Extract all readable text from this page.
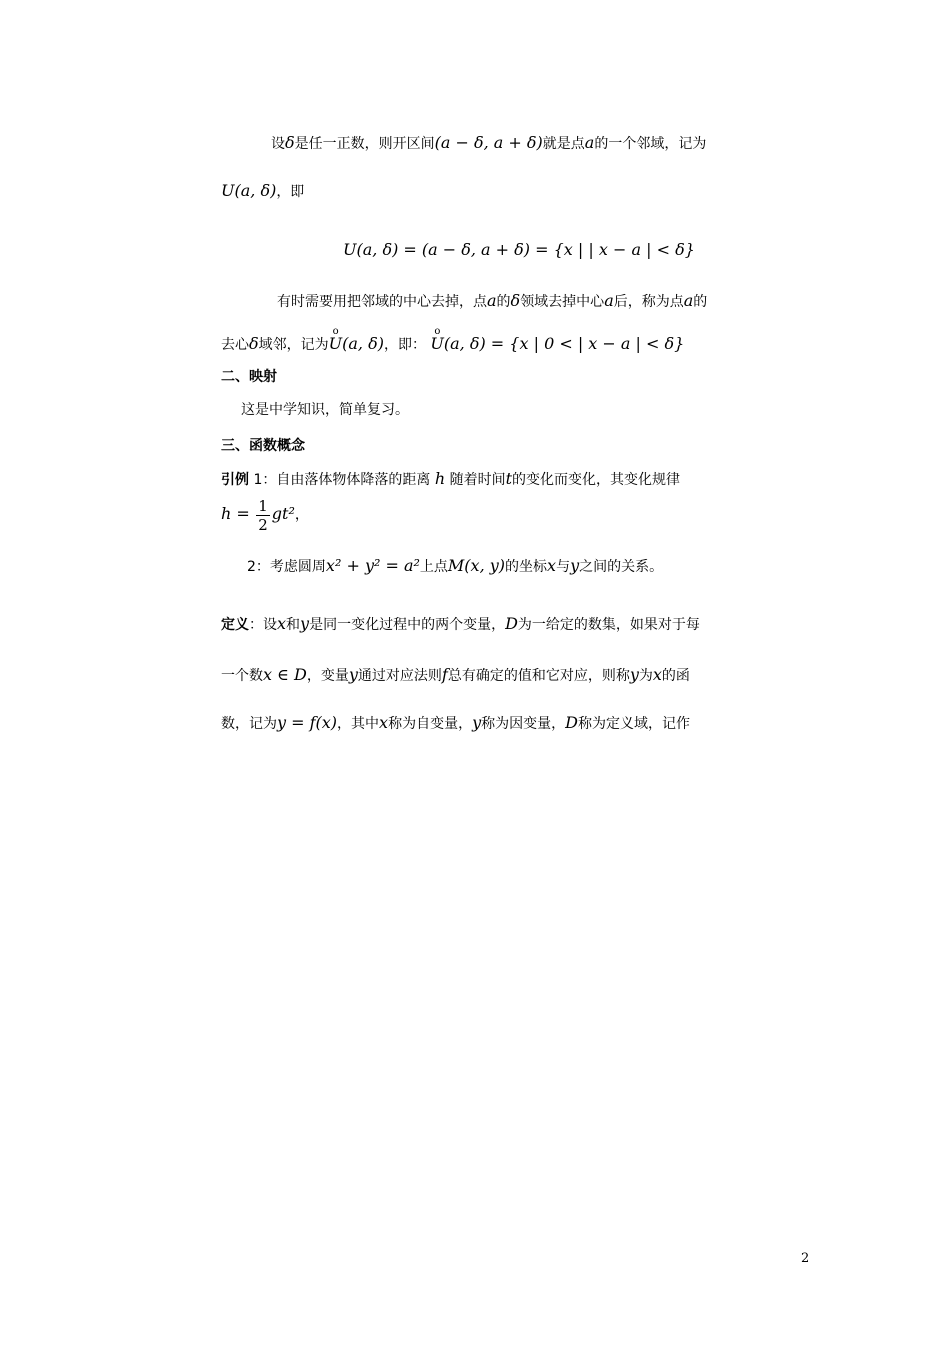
设δ是任一正数，则开区间(a − δ, a + δ)就是点a的一个邻域，记为
U(a, δ)，即
U(a, δ) = (a − δ, a + δ) = {x | | x − a | < δ}
有时需要用把邻域的中心去掉，点a的δ领域去掉中心a后，称为点a的
去心δ域邻，记为o U(a, δ)，即： o U(a, δ) = {x | 0 < | x − a | < δ}
二、映射
这是中学知识，简单复习。
三、函数概念
引例 1：自由落体物体降落的距离 h 随着时间t的变化而变化，其变化规律
$h = \frac{1}{2} gt^2$，
2：考虑圆周x² + y² = a²上点M(x, y)的坐标x与y之间的关系。
定义：设x和y是同一变化过程中的两个变量，D为一给定的数集，如果对于每
一个数x ∈ D，变量y通过对应法则f总有确定的值和它对应，则称y为x的函
数，记为y = f(x)，其中x称为自变量，y称为因变量，D称为定义域，记作
2
